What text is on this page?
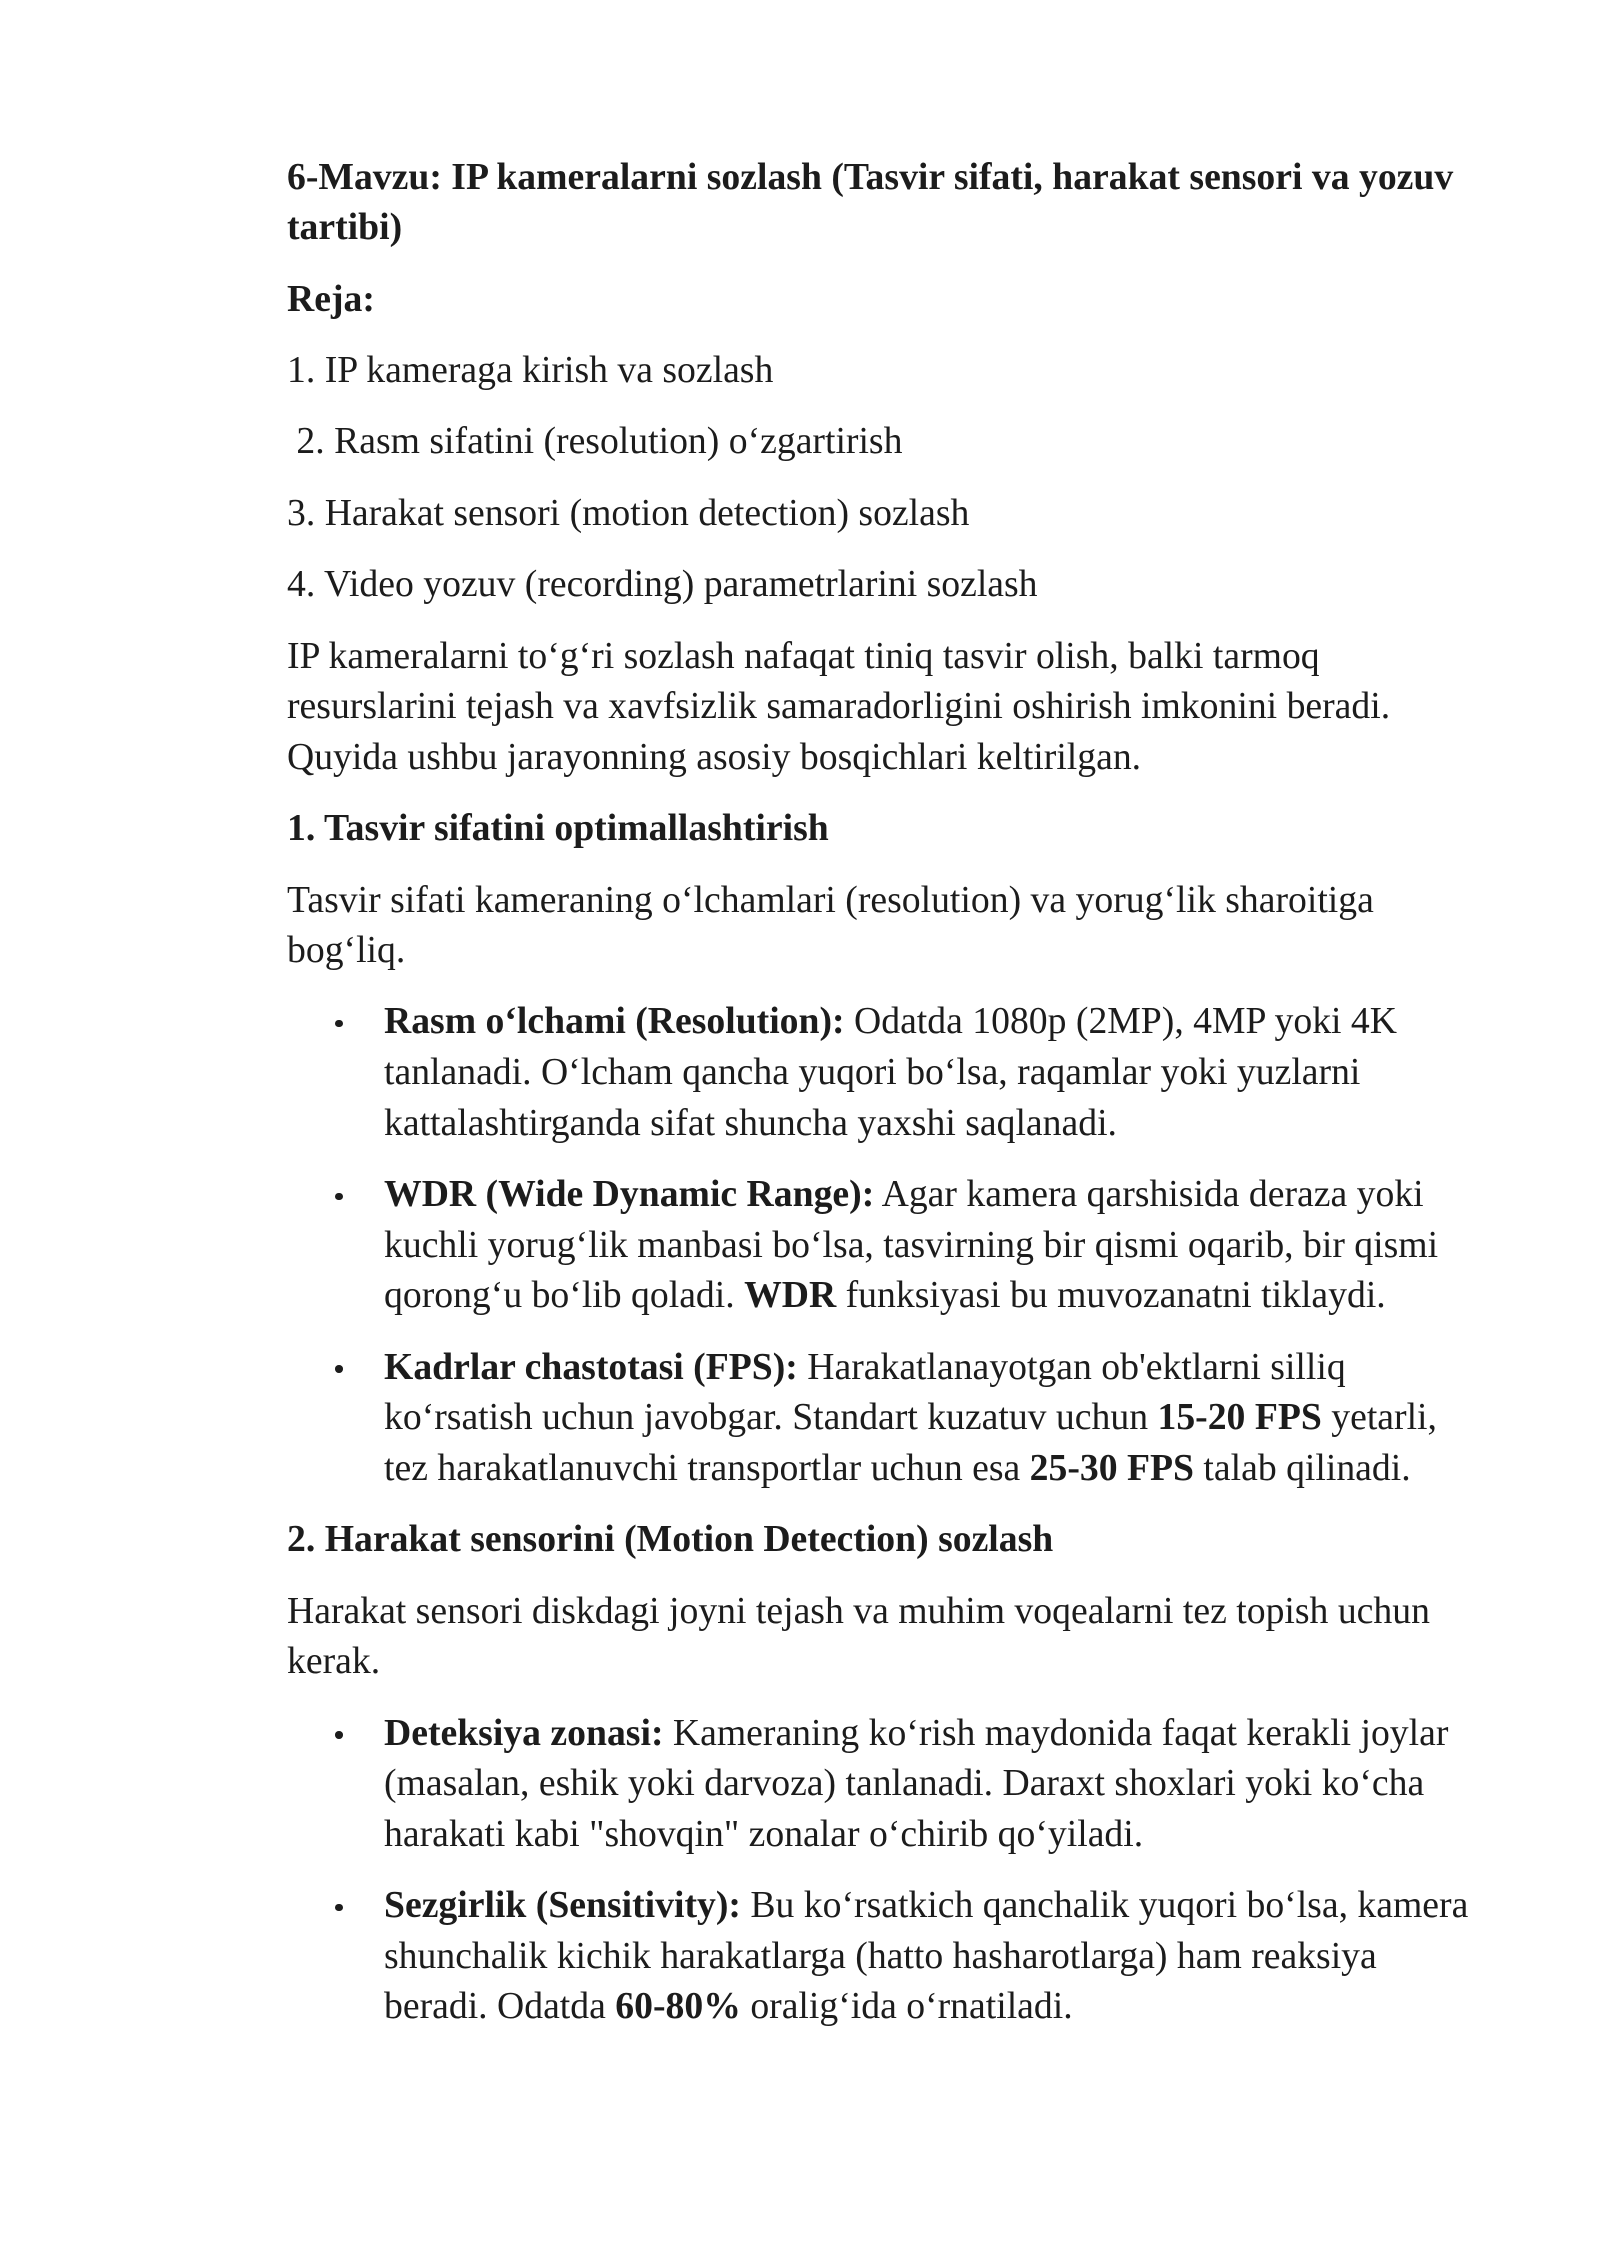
6-Mavzu: IP kameralarni sozlash (Tasvir sifati, harakat sensori va yozuv tartibi)

Reja:

1. IP kameraga kirish va sozlash

2. Rasm sifatini (resolution) o‘zgartirish

3. Harakat sensori (motion detection) sozlash

4. Video yozuv (recording) parametrlarini sozlash

IP kameralarni to‘g‘ri sozlash nafaqat tiniq tasvir olish, balki tarmoq resurslarini tejash va xavfsizlik samaradorligini oshirish imkonini beradi. Quyida ushbu jarayonning asosiy bosqichlari keltirilgan.

1. Tasvir sifatini optimallashtirish

Tasvir sifati kameraning o‘lchamlari (resolution) va yorug‘lik sharoitiga bog‘liq.

Rasm o‘lchami (Resolution): Odatda 1080p (2MP), 4MP yoki 4K tanlanadi. O‘lcham qancha yuqori bo‘lsa, raqamlar yoki yuzlarni kattalashtirganda sifat shuncha yaxshi saqlanadi.
WDR (Wide Dynamic Range): Agar kamera qarshisida deraza yoki kuchli yorug‘lik manbasi bo‘lsa, tasvirning bir qismi oqarib, bir qismi qorong‘u bo‘lib qoladi. WDR funksiyasi bu muvozanatni tiklaydi.
Kadrlar chastotasi (FPS): Harakatlanayotgan ob'ektlarni silliq ko‘rsatish uchun javobgar. Standart kuzatuv uchun 15-20 FPS yetarli, tez harakatlanuvchi transportlar uchun esa 25-30 FPS talab qilinadi.

2. Harakat sensorini (Motion Detection) sozlash

Harakat sensori diskdagi joyni tejash va muhim voqealarni tez topish uchun kerak.

Deteksiya zonasi: Kameraning ko‘rish maydonida faqat kerakli joylar (masalan, eshik yoki darvoza) tanlanadi. Daraxt shoxlari yoki ko‘cha harakati kabi "shovqin" zonalar o‘chirib qo‘yiladi.
Sezgirlik (Sensitivity): Bu ko‘rsatkich qanchalik yuqori bo‘lsa, kamera shunchalik kichik harakatlarga (hatto hasharotlarga) ham reaksiya beradi. Odatda 60-80% oralig‘ida o‘rnatiladi.
